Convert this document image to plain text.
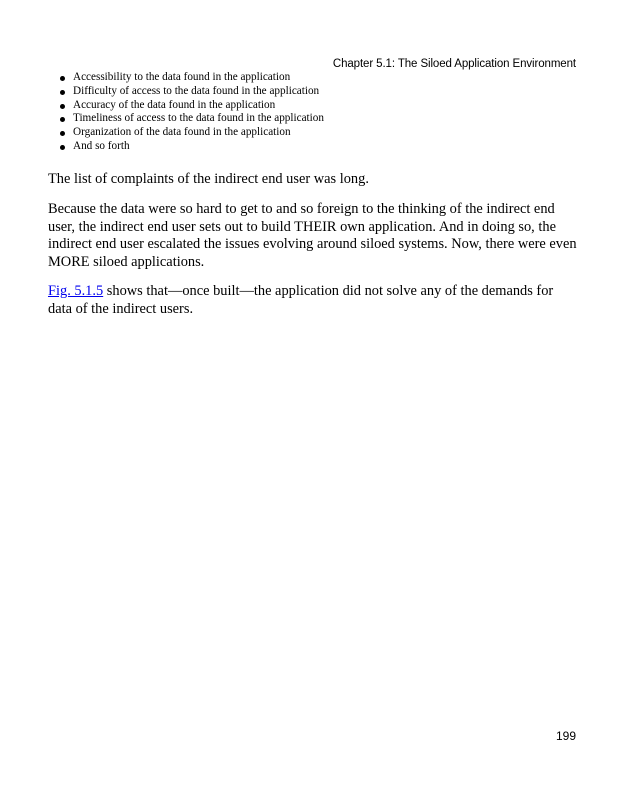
Chapter 5.1: The Siloed Application Environment
Accessibility to the data found in the application
Difficulty of access to the data found in the application
Accuracy of the data found in the application
Timeliness of access to the data found in the application
Organization of the data found in the application
And so forth

The list of complaints of the indirect end user was long.

Because the data were so hard to get to and so foreign to the thinking of the indirect end user, the indirect end user sets out to build THEIR own application. And in doing so, the indirect end user escalated the issues evolving around siloed systems. Now, there were even MORE siloed applications.

Fig. 5.1.5 shows that—once built—the application did not solve any of the demands for data of the indirect users.

199
